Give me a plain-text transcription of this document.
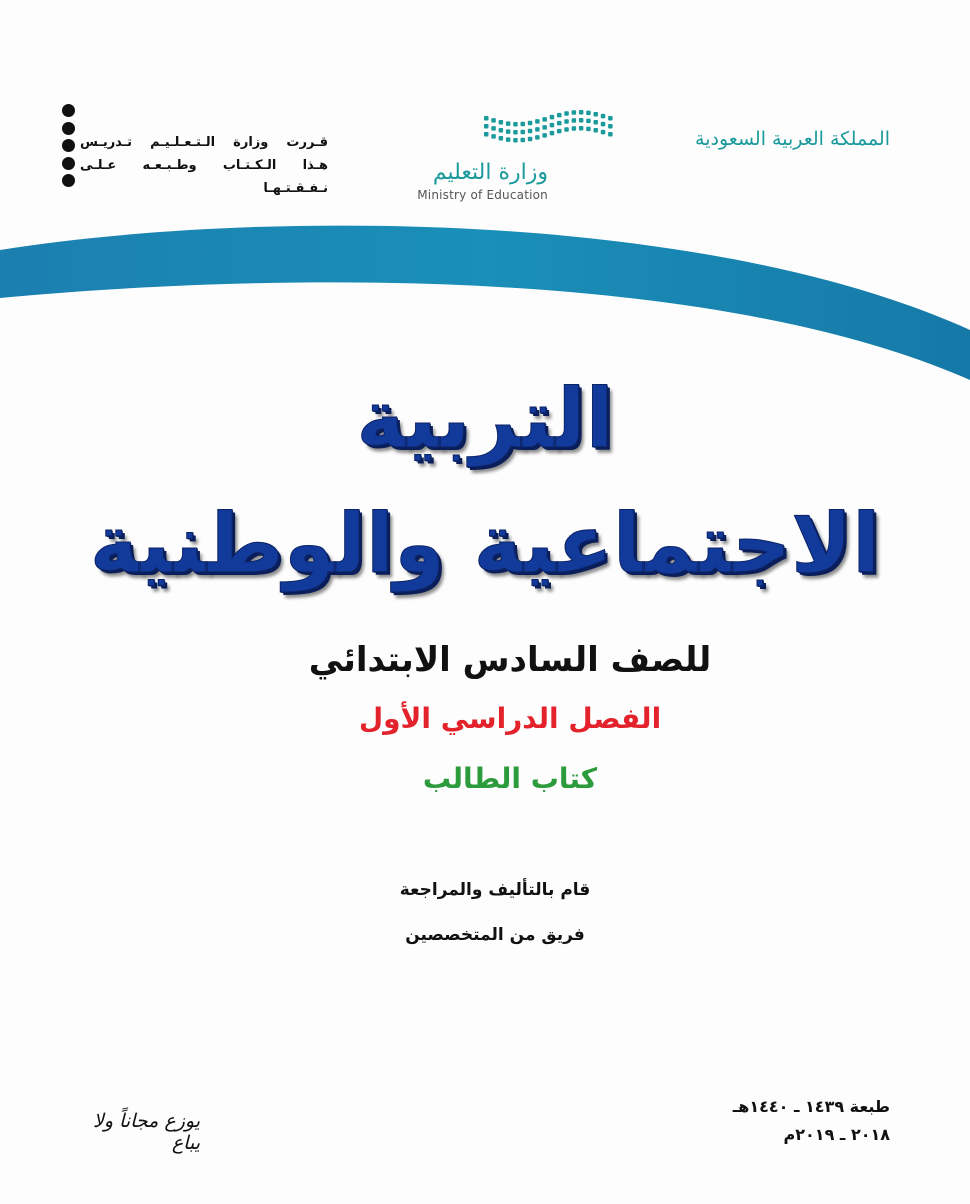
المملكة العربية السعودية
وزارة التعليم
Ministry of Education
قـررت وزارة الـتـعـلـيـم تـدريـس
هـذا الـكـتـاب وطـبـعـه عـلـى نـفـقـتـهـا
التربية
الاجتماعية والوطنية
للصف السادس الابتدائي
الفصل الدراسي الأول
كتاب الطالب
قام بالتأليف والمراجعة
فريق من المتخصصين
طبعة ١٤٣٩ ـ ١٤٤٠هـ
٢٠١٨ ـ ٢٠١٩م
يوزع مجاناً ولا يباع
